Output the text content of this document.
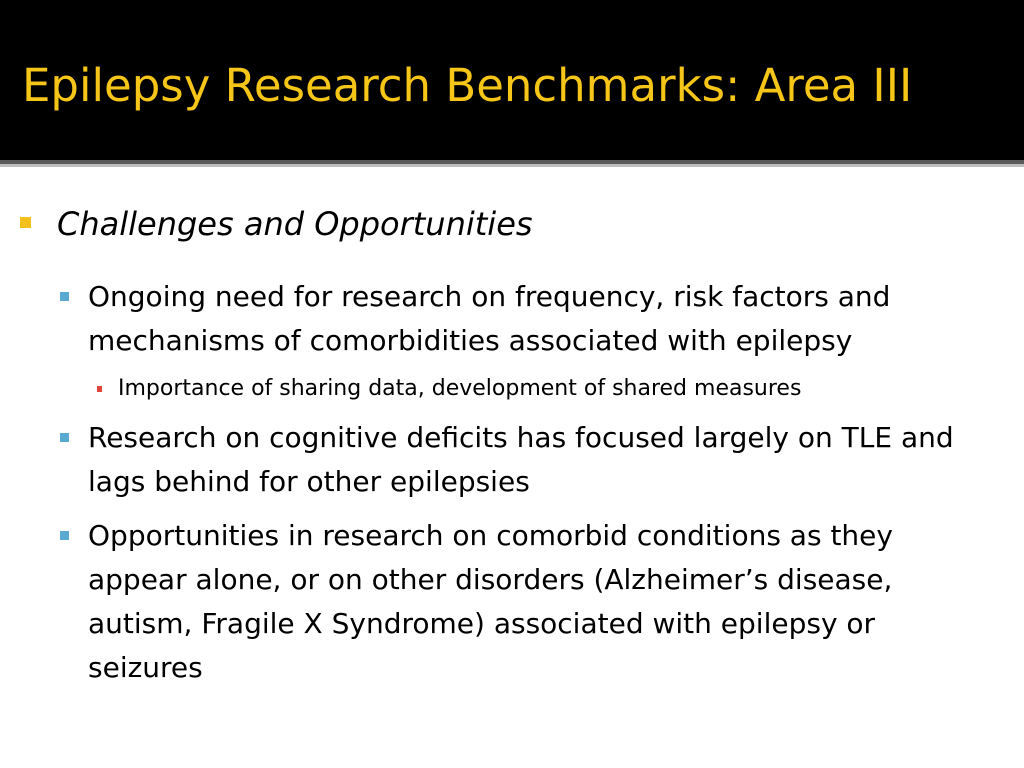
Epilepsy Research Benchmarks: Area III

Challenges and Opportunities

Ongoing need for research on frequency, risk factors and mechanisms of comorbidities associated with epilepsy

Importance of sharing data, development of shared measures

Research on cognitive deficits has focused largely on TLE and lags behind for other epilepsies

Opportunities in research on comorbid conditions as they appear alone, or on other disorders (Alzheimer’s disease, autism, Fragile X Syndrome) associated with epilepsy or seizures
